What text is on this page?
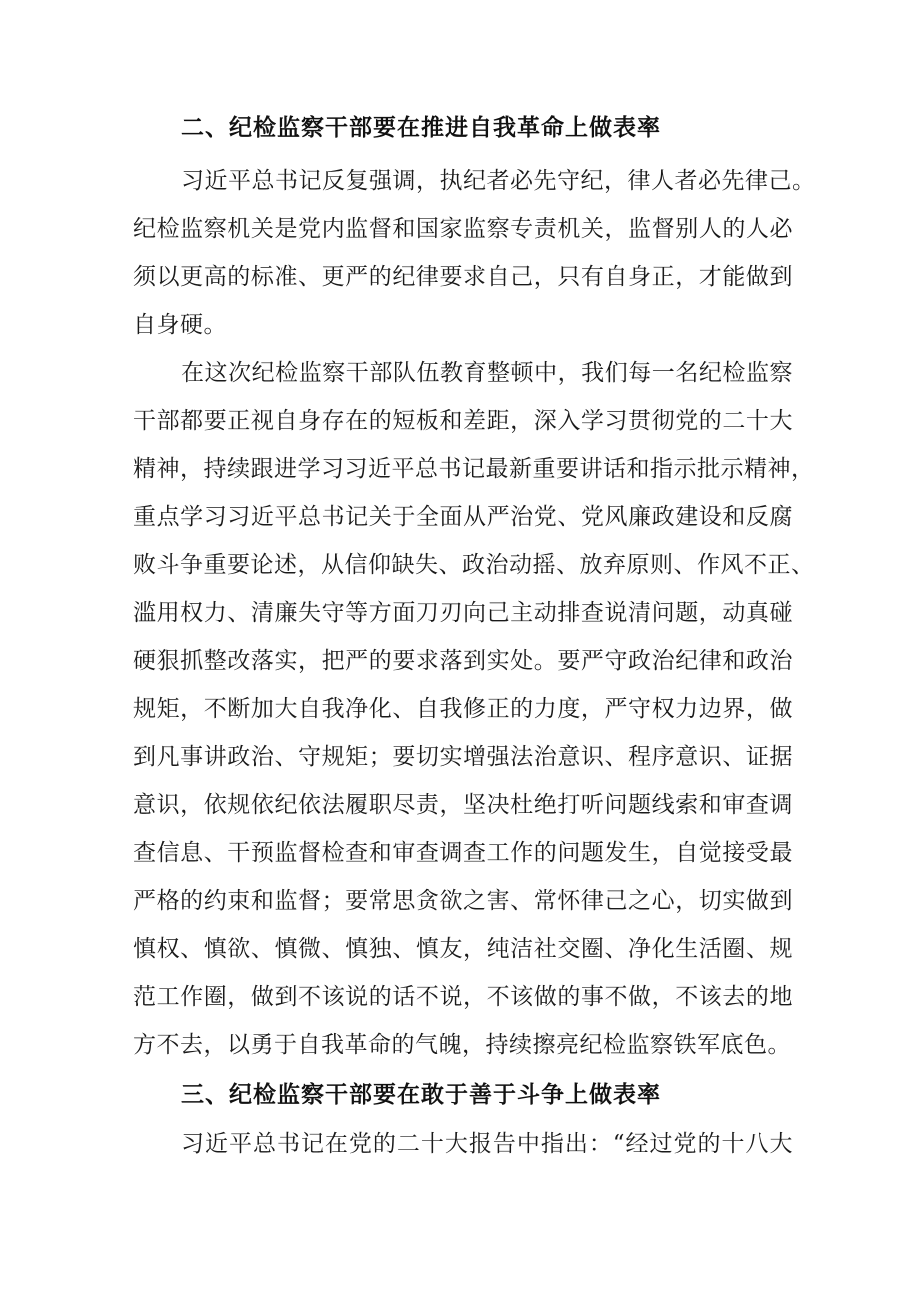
二、纪检监察干部要在推进自我革命上做表率
习近平总书记反复强调，执纪者必先守纪，律人者必先律己。
纪检监察机关是党内监督和国家监察专责机关，监督别人的人必
须以更高的标准、更严的纪律要求自己，只有自身正，才能做到
自身硬。
在这次纪检监察干部队伍教育整顿中，我们每一名纪检监察
干部都要正视自身存在的短板和差距，深入学习贯彻党的二十大
精神，持续跟进学习习近平总书记最新重要讲话和指示批示精神，
重点学习习近平总书记关于全面从严治党、党风廉政建设和反腐
败斗争重要论述，从信仰缺失、政治动摇、放弃原则、作风不正、
滥用权力、清廉失守等方面刀刃向己主动排查说清问题，动真碰
硬狠抓整改落实，把严的要求落到实处。要严守政治纪律和政治
规矩，不断加大自我净化、自我修正的力度，严守权力边界，做
到凡事讲政治、守规矩；要切实增强法治意识、程序意识、证据
意识，依规依纪依法履职尽责，坚决杜绝打听问题线索和审查调
查信息、干预监督检查和审查调查工作的问题发生，自觉接受最
严格的约束和监督；要常思贪欲之害、常怀律己之心，切实做到
慎权、慎欲、慎微、慎独、慎友，纯洁社交圈、净化生活圈、规
范工作圈，做到不该说的话不说，不该做的事不做，不该去的地
方不去，以勇于自我革命的气魄，持续擦亮纪检监察铁军底色。
三、纪检监察干部要在敢于善于斗争上做表率
习近平总书记在党的二十大报告中指出：“经过党的十八大
